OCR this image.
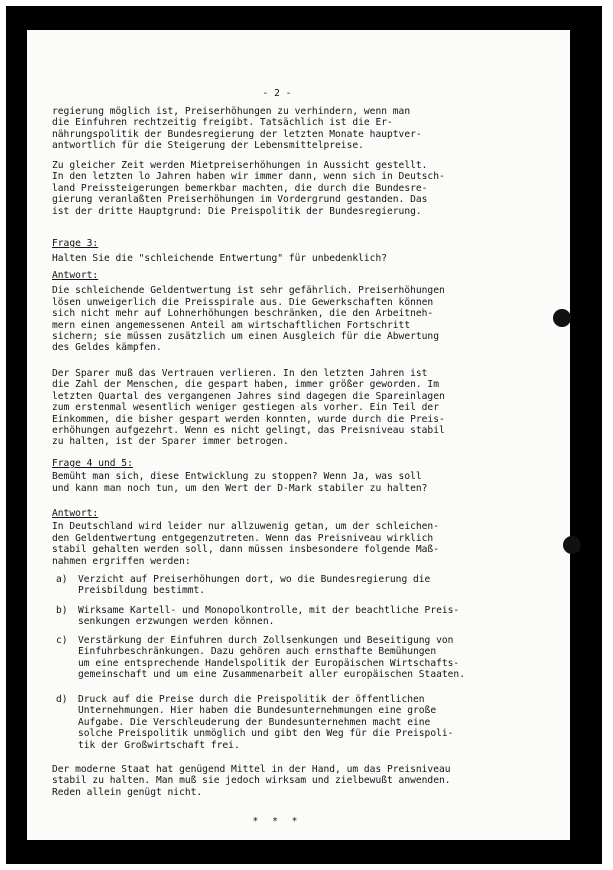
- 2 -
regierung möglich ist, Preiserhöhungen zu verhindern, wenn man
die Einfuhren rechtzeitig freigibt. Tatsächlich ist die Er-
nährungspolitik der Bundesregierung der letzten Monate hauptver-
antwortlich für die Steigerung der Lebensmittelpreise.
Zu gleicher Zeit werden Mietpreiserhöhungen in Aussicht gestellt.
In den letzten lo Jahren haben wir immer dann, wenn sich in Deutsch-
land Preissteigerungen bemerkbar machten, die durch die Bundesre-
gierung veranlaßten Preiserhöhungen im Vordergrund gestanden. Das
ist der dritte Hauptgrund: Die Preispolitik der Bundesregierung.
Frage 3:
Halten Sie die "schleichende Entwertung" für unbedenklich?
Antwort:
Die schleichende Geldentwertung ist sehr gefährlich. Preiserhöhungen
lösen unweigerlich die Preisspirale aus. Die Gewerkschaften können
sich nicht mehr auf Lohnerhöhungen beschränken, die den Arbeitneh-
mern einen angemessenen Anteil am wirtschaftlichen Fortschritt
sichern; sie müssen zusätzlich um einen Ausgleich für die Abwertung
des Geldes kämpfen.
Der Sparer muß das Vertrauen verlieren. In den letzten Jahren ist
die Zahl der Menschen, die gespart haben, immer größer geworden. Im
letzten Quartal des vergangenen Jahres sind dagegen die Spareinlagen
zum erstenmal wesentlich weniger gestiegen als vorher. Ein Teil der
Einkommen, die bisher gespart werden konnten, wurde durch die Preis-
erhöhungen aufgezehrt. Wenn es nicht gelingt, das Preisniveau stabil
zu halten, ist der Sparer immer betrogen.
Frage 4 und 5:
Bemüht man sich, diese Entwicklung zu stoppen? Wenn Ja, was soll
und kann man noch tun, um den Wert der D-Mark stabiler zu halten?
Antwort:
In Deutschland wird leider nur allzuwenig getan, um der schleichen-
den Geldentwertung entgegenzutreten. Wenn das Preisniveau wirklich
stabil gehalten werden soll, dann müssen insbesondere folgende Maß-
nahmen ergriffen werden:
a) Verzicht auf Preiserhöhungen dort, wo die Bundesregierung die
Preisbildung bestimmt.
b) Wirksame Kartell- und Monopolkontrolle, mit der beachtliche Preis-
senkungen erzwungen werden können.
c) Verstärkung der Einfuhren durch Zollsenkungen und Beseitigung von
Einfuhrbeschränkungen. Dazu gehören auch ernsthafte Bemühungen
um eine entsprechende Handelspolitik der Europäischen Wirtschafts-
gemeinschaft und um eine Zusammenarbeit aller europäischen Staaten.
d) Druck auf die Preise durch die Preispolitik der öffentlichen
Unternehmungen. Hier haben die Bundesunternehmungen eine große
Aufgabe. Die Verschleuderung der Bundesunternehmen macht eine
solche Preispolitik unmöglich und gibt den Weg für die Preispoli-
tik der Großwirtschaft frei.
Der moderne Staat hat genügend Mittel in der Hand, um das Preisniveau
stabil zu halten. Man muß sie jedoch wirksam und zielbewußt anwenden.
Reden allein genügt nicht.
* * *
